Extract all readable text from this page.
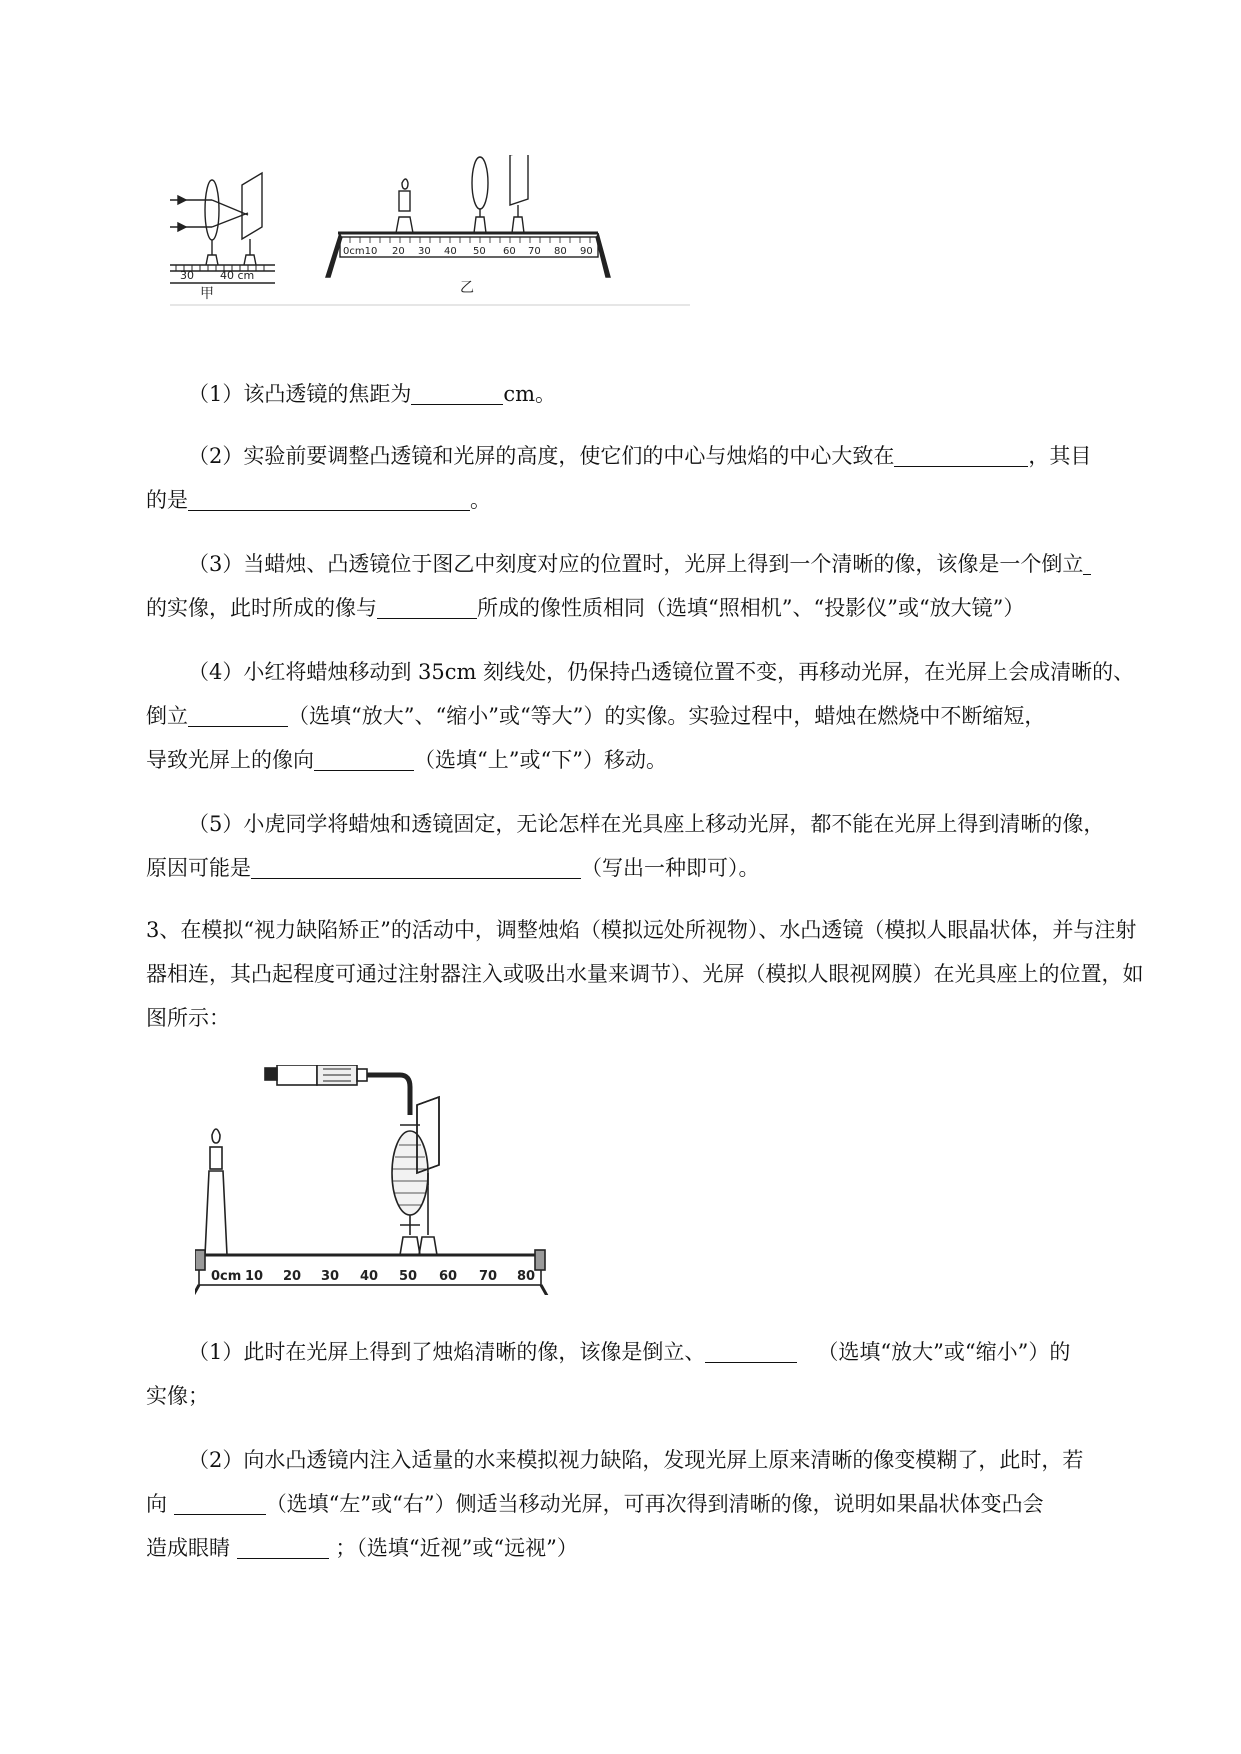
30 40 cm
甲
0cm10 20 30 40 50 60 70 80 90
乙
（1）该凸透镜的焦距为	cm。
（2）实验前要调整凸透镜和光屏的高度，使它们的中心与烛焰的中心大致在	，其目

的是	。
（3）当蜡烛、凸透镜位于图乙中刻度对应的位置时，光屏上得到一个清晰的像，该像是一个倒立
的实像，此时所成的像与	所成的像性质相同（选填“照相机”、“投影仪”或“放大镜”）
（4）小红将蜡烛移动到 35cm 刻线处，仍保持凸透镜位置不变，再移动光屏，在光屏上会成清晰的、
倒立	（选填“放大”、“缩小”或“等大”）的实像。实验过程中，蜡烛在燃烧中不断缩短，
导致光屏上的像向	（选填“上”或“下”）移动。
（5）小虎同学将蜡烛和透镜固定，无论怎样在光具座上移动光屏，都不能在光屏上得到清晰的像，
原因可能是	（写出一种即可）。
3、在模拟“视力缺陷矫正”的活动中，调整烛焰（模拟远处所视物）、水凸透镜（模拟人眼晶状体，并与注射器相连，其凸起程度可通过注射器注入或吸出水量来调节）、光屏（模拟人眼视网膜）在光具座上的位置，如图所示：
0cm 10 20 30 40 50 60 70 80
（1）此时在光屏上得到了烛焰清晰的像，该像是倒立、	（选填“放大”或“缩小”）的
实像；
（2）向水凸透镜内注入适量的水来模拟视力缺陷，发现光屏上原来清晰的像变模糊了，此时，若
向	（选填“左”或“右”）侧适当移动光屏，可再次得到清晰的像，说明如果晶状体变凸会
造成眼睛	；（选填“近视”或“远视”）
